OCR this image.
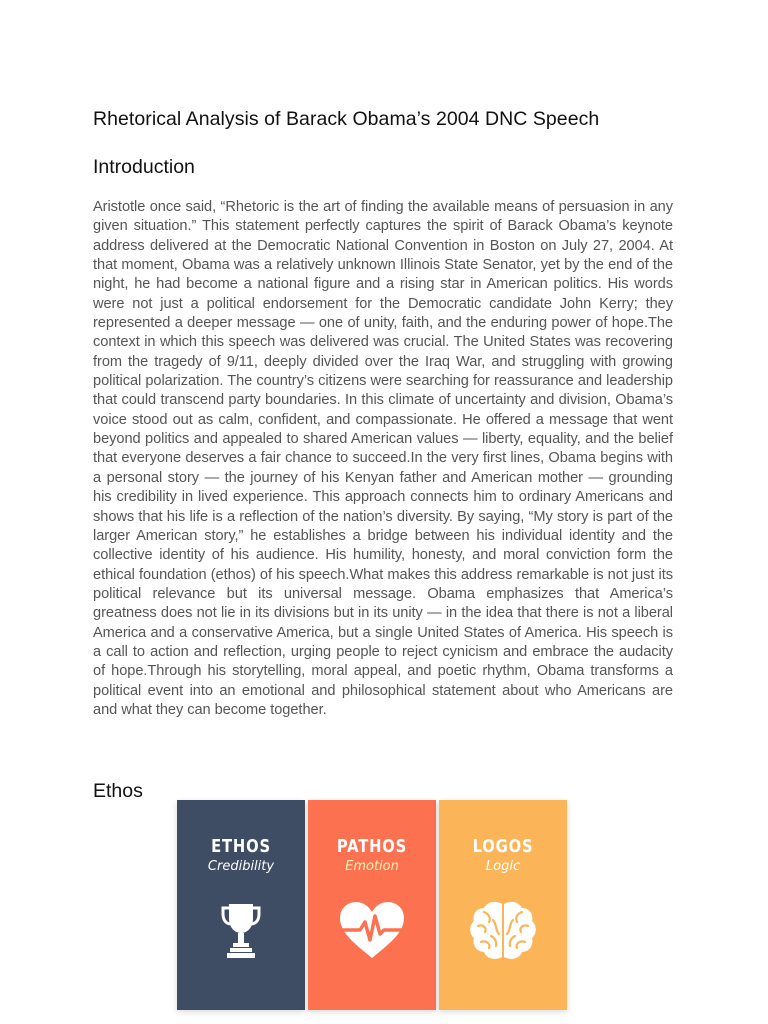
Rhetorical Analysis of Barack Obama’s 2004 DNC Speech
Introduction
Aristotle once said, “Rhetoric is the art of finding the available means of persuasion in any given situation.” This statement perfectly captures the spirit of Barack Obama’s keynote address delivered at the Democratic National Convention in Boston on July 27, 2004. At that moment, Obama was a relatively unknown Illinois State Senator, yet by the end of the night, he had become a national figure and a rising star in American politics. His words were not just a political endorsement for the Democratic candidate John Kerry; they represented a deeper message — one of unity, faith, and the enduring power of hope.The context in which this speech was delivered was crucial. The United States was recovering from the tragedy of 9/11, deeply divided over the Iraq War, and struggling with growing political polarization. The country’s citizens were searching for reassurance and leadership that could transcend party boundaries. In this climate of uncertainty and division, Obama’s voice stood out as calm, confident, and compassionate. He offered a message that went beyond politics and appealed to shared American values — liberty, equality, and the belief that everyone deserves a fair chance to succeed.In the very first lines, Obama begins with a personal story — the journey of his Kenyan father and American mother — grounding his credibility in lived experience. This approach connects him to ordinary Americans and shows that his life is a reflection of the nation’s diversity. By saying, “My story is part of the larger American story,” he establishes a bridge between his individual identity and the collective identity of his audience. His humility, honesty, and moral conviction form the ethical foundation (ethos) of his speech.What makes this address remarkable is not just its political relevance but its universal message. Obama emphasizes that America’s greatness does not lie in its divisions but in its unity — in the idea that there is not a liberal America and a conservative America, but a single United States of America. His speech is a call to action and reflection, urging people to reject cynicism and embrace the audacity of hope.Through his storytelling, moral appeal, and poetic rhythm, Obama transforms a political event into an emotional and philosophical statement about who Americans are and what they can become together.
Ethos
ETHOS
Credibility
PATHOS
Emotion
LOGOS
Logic
